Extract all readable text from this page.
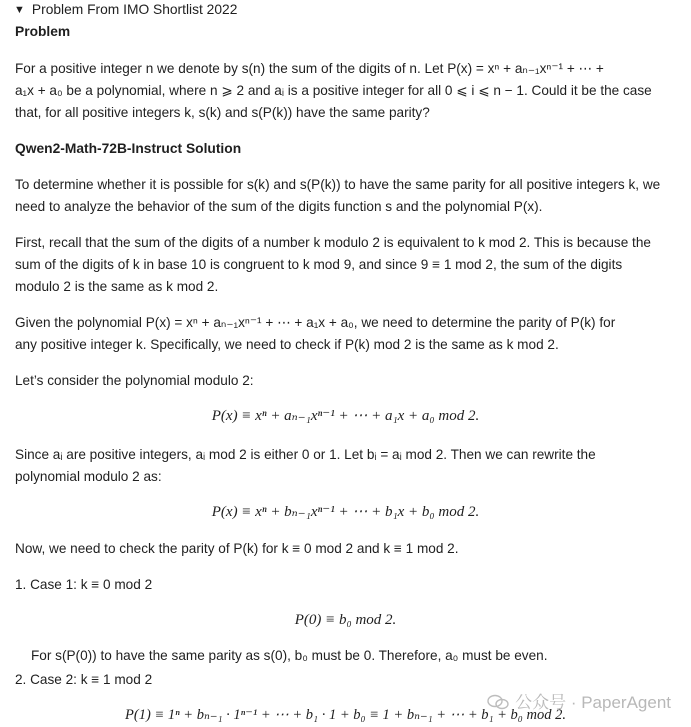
▼ Problem From IMO Shortlist 2022
Problem
For a positive integer n we denote by s(n) the sum of the digits of n. Let P(x) = xⁿ + aₙ₋₁xⁿ⁻¹ + ⋯ +
a₁x + a₀ be a polynomial, where n ⩾ 2 and aᵢ is a positive integer for all 0 ⩽ i ⩽ n − 1. Could it be the case
that, for all positive integers k, s(k) and s(P(k)) have the same parity?
Qwen2-Math-72B-Instruct Solution
To determine whether it is possible for s(k) and s(P(k)) to have the same parity for all positive integers k, we
need to analyze the behavior of the sum of the digits function s and the polynomial P(x).
First, recall that the sum of the digits of a number k modulo 2 is equivalent to k mod 2. This is because the
sum of the digits of k in base 10 is congruent to k mod 9, and since 9 ≡ 1 mod 2, the sum of the digits
modulo 2 is the same as k mod 2.
Given the polynomial P(x) = xⁿ + aₙ₋₁xⁿ⁻¹ + ⋯ + a₁x + a₀, we need to determine the parity of P(k) for
any positive integer k. Specifically, we need to check if P(k) mod 2 is the same as k mod 2.
Let’s consider the polynomial modulo 2:
P(x) ≡ xⁿ + aₙ₋₁xⁿ⁻¹ + ⋯ + a₁x + a₀ mod 2.
Since aᵢ are positive integers, aᵢ mod 2 is either 0 or 1. Let bᵢ = aᵢ mod 2. Then we can rewrite the
polynomial modulo 2 as:
P(x) ≡ xⁿ + bₙ₋₁xⁿ⁻¹ + ⋯ + b₁x + b₀ mod 2.
Now, we need to check the parity of P(k) for k ≡ 0 mod 2 and k ≡ 1 mod 2.
1. Case 1: k ≡ 0 mod 2
P(0) ≡ b₀ mod 2.
For s(P(0)) to have the same parity as s(0), b₀ must be 0. Therefore, a₀ must be even.
2. Case 2: k ≡ 1 mod 2
P(1) ≡ 1ⁿ + bₙ₋₁ · 1ⁿ⁻¹ + ⋯ + b₁ · 1 + b₀ ≡ 1 + bₙ₋₁ + ⋯ + b₁ + b₀ mod 2.
公众号 · PaperAgent
